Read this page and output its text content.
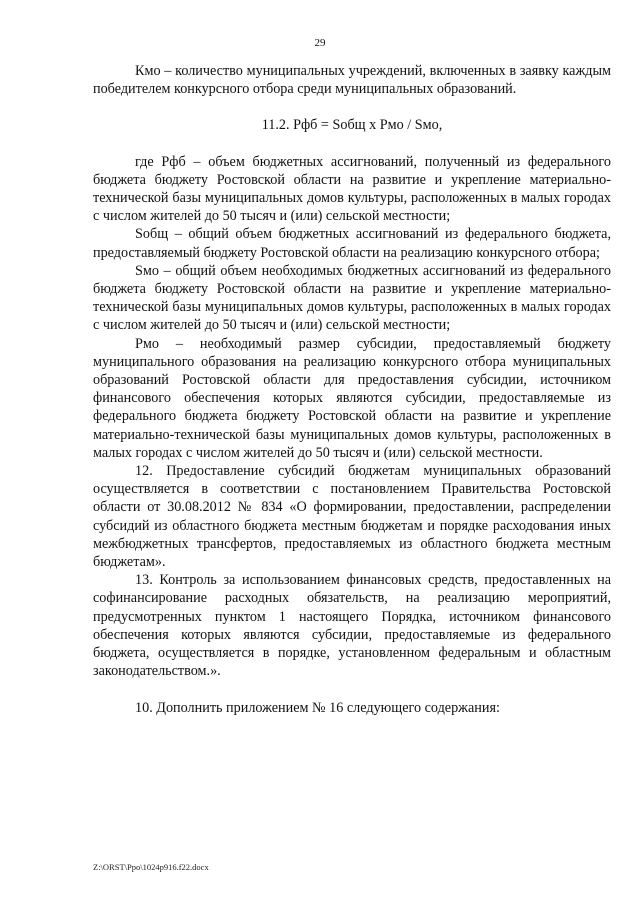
29

Кмо – количество муниципальных учреждений, включенных в заявку каждым победителем конкурсного отбора среди муниципальных образований.

11.2. Рфб = Sобщ х Рмо / Sмо,

где Рфб – объем бюджетных ассигнований, полученный из федерального бюджета бюджету Ростовской области на развитие и укрепление материально-технической базы муниципальных домов культуры, расположенных в малых городах с числом жителей до 50 тысяч и (или) сельской местности;

Sобщ – общий объем бюджетных ассигнований из федерального бюджета, предоставляемый бюджету Ростовской области на реализацию конкурсного отбора;

Sмо – общий объем необходимых бюджетных ассигнований из федерального бюджета бюджету Ростовской области на развитие и укрепление материально-технической базы муниципальных домов культуры, расположенных в малых городах с числом жителей до 50 тысяч и (или) сельской местности;

Рмо – необходимый размер субсидии, предоставляемый бюджету муниципального образования на реализацию конкурсного отбора муниципальных образований Ростовской области для предоставления субсидии, источником финансового обеспечения которых являются субсидии, предоставляемые из федерального бюджета бюджету Ростовской области на развитие и укрепление материально-технической базы муниципальных домов культуры, расположенных в малых городах с числом жителей до 50 тысяч и (или) сельской местности.

12. Предоставление субсидий бюджетам муниципальных образований осуществляется в соответствии с постановлением Правительства Ростовской области от 30.08.2012 № 834 «О формировании, предоставлении, распределении субсидий из областного бюджета местным бюджетам и порядке расходования иных межбюджетных трансфертов, предоставляемых из областного бюджета местным бюджетам».

13. Контроль за использованием финансовых средств, предоставленных на софинансирование расходных обязательств, на реализацию мероприятий, предусмотренных пунктом 1 настоящего Порядка, источником финансового обеспечения которых являются субсидии, предоставляемые из федерального бюджета, осуществляется в порядке, установленном федеральным и областным законодательством.».

10. Дополнить приложением № 16 следующего содержания:

Z:\ORST\Ppo\1024p916.f22.docx
